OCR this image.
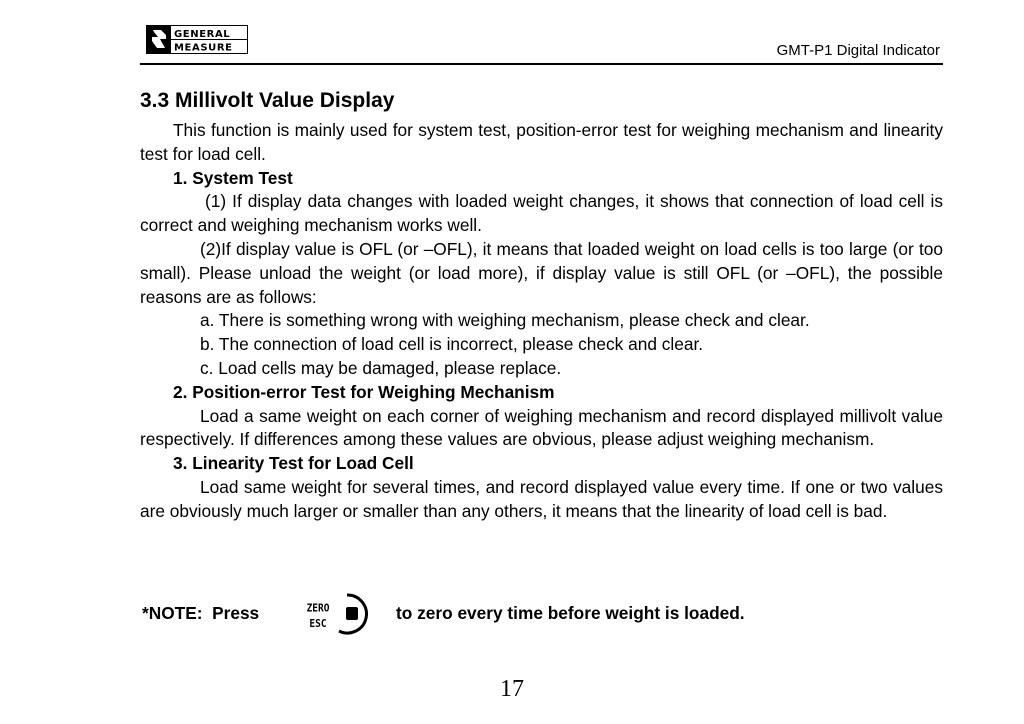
GENERAL
MEASURE	GMT-P1 Digital Indicator
3.3 Millivolt Value Display

This function is mainly used for system test, position-error test for weighing mechanism and linearity test for load cell.

1. System Test

(1) If display data changes with loaded weight changes, it shows that connection of load cell is correct and weighing mechanism works well.

(2)If display value is OFL (or –OFL), it means that loaded weight on load cells is too large (or too small). Please unload the weight (or load more), if display value is still OFL (or –OFL), the possible reasons are as follows:

a. There is something wrong with weighing mechanism, please check and clear.

b. The connection of load cell is incorrect, please check and clear.

c. Load cells may be damaged, please replace.

2. Position-error Test for Weighing Mechanism

Load a same weight on each corner of weighing mechanism and record displayed millivolt value respectively. If differences among these values are obvious, please adjust weighing mechanism.

3. Linearity Test for Load Cell

Load same weight for several times, and record displayed value every time. If one or two values are obviously much larger or smaller than any others, it means that the linearity of load cell is bad.

*NOTE:  Press	ZERO
ESC
to zero every time before weight is loaded.
17
